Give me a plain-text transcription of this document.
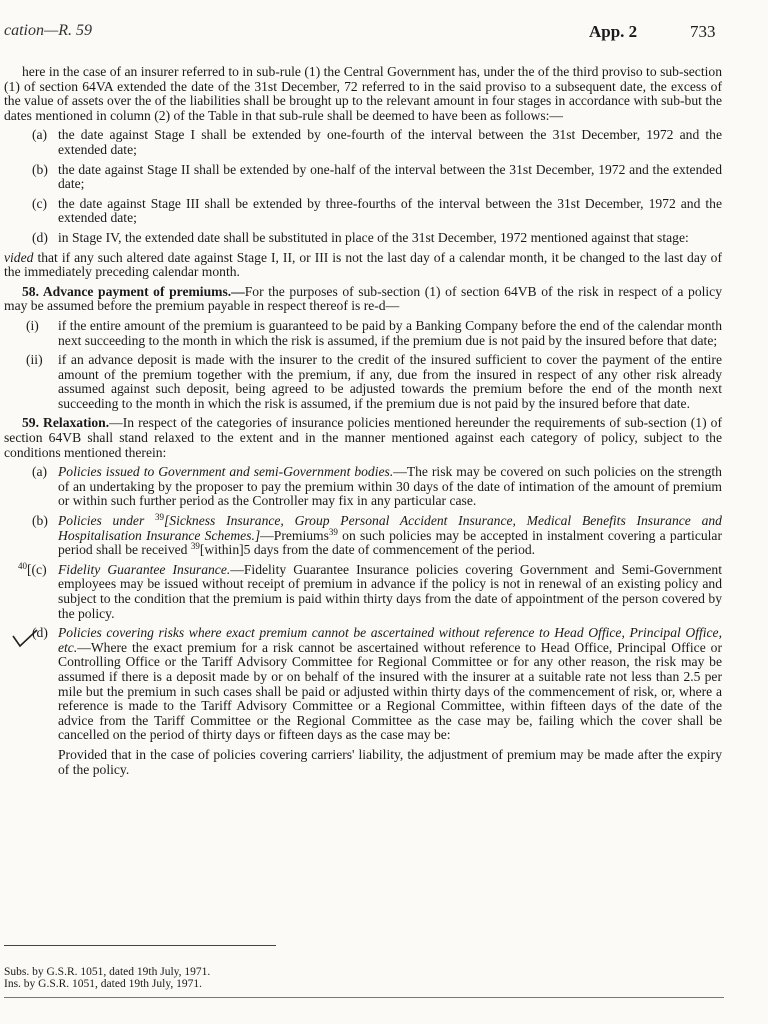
cation—R. 59	App. 2	733

here in the case of an insurer referred to in sub-rule (1) the Central Government has, under the of the third proviso to sub-section (1) of section 64VA extended the date of the 31st December, 72 referred to in the said proviso to a subsequent date, the excess of the value of assets over the of the liabilities shall be brought up to the relevant amount in four stages in accordance with sub-but the dates mentioned in column (2) of the Table in that sub-rule shall be deemed to have been as follows:—

(a) the date against Stage I shall be extended by one-fourth of the interval between the 31st December, 1972 and the extended date;
(b) the date against Stage II shall be extended by one-half of the interval between the 31st December, 1972 and the extended date;
(c) the date against Stage III shall be extended by three-fourths of the interval between the 31st December, 1972 and the extended date;
(d) in Stage IV, the extended date shall be substituted in place of the 31st December, 1972 mentioned against that stage:

vided that if any such altered date against Stage I, II, or III is not the last day of a calendar month, it be changed to the last day of the immediately preceding calendar month.

58. Advance payment of premiums.—For the purposes of sub-section (1) of section 64VB of the risk in respect of a policy may be assumed before the premium payable in respect thereof is re-d—

(i) if the entire amount of the premium is guaranteed to be paid by a Banking Company before the end of the calendar month next succeeding to the month in which the risk is assumed, if the premium due is not paid by the insured before that date;
(ii) if an advance deposit is made with the insurer to the credit of the insured sufficient to cover the payment of the entire amount of the premium together with the premium, if any, due from the insured in respect of any other risk already assumed against such deposit, being agreed to be adjusted towards the premium before the end of the month next succeeding to the month in which the risk is assumed, if the premium due is not paid by the insured before that date.

59. Relaxation.—In respect of the categories of insurance policies mentioned hereunder the requirements of sub-section (1) of section 64VB shall stand relaxed to the extent and in the manner mentioned against each category of policy, subject to the conditions mentioned therein:

(a) Policies issued to Government and semi-Government bodies.—The risk may be covered on such policies on the strength of an undertaking by the proposer to pay the premium within 30 days of the date of intimation of the amount of premium or within such further period as the Controller may fix in any particular case.
(b) Policies under $^{39}$[Sickness Insurance, Group Personal Accident Insurance, Medical Benefits Insurance and Hospitalisation Insurance Schemes.]—Premiums$^{39}$ on such policies may be accepted in instalment covering a particular period shall be received $^{39}$[within]5 days from the date of commencement of the period.
$^{40}$[(c) Fidelity Guarantee Insurance.—Fidelity Guarantee Insurance policies covering Government and Semi-Government employees may be issued without receipt of premium in advance if the policy is not in renewal of an existing policy and subject to the condition that the premium is paid within thirty days from the date of appointment of the person covered by the policy.
(d) Policies covering risks where exact premium cannot be ascertained without reference to Head Office, Principal Office, etc.—Where the exact premium for a risk cannot be ascertained without reference to Head Office, Principal Office or Controlling Office or the Tariff Advisory Committee for Regional Committee or for any other reason, the risk may be assumed if there is a deposit made by or on behalf of the insured with the insurer at a suitable rate not less than 2.5 per mile but the premium in such cases shall be paid or adjusted within thirty days of the commencement of risk, or, where a reference is made to the Tariff Advisory Committee or a Regional Committee, within fifteen days of the date of the advice from the Tariff Committee or the Regional Committee as the case may be, failing which the cover shall be cancelled on the period of thirty days or fifteen days as the case may be:

Provided that in the case of policies covering carriers' liability, the adjustment of premium may be made after the expiry of the policy.

Subs. by G.S.R. 1051, dated 19th July, 1971.
Ins. by G.S.R. 1051, dated 19th July, 1971.
